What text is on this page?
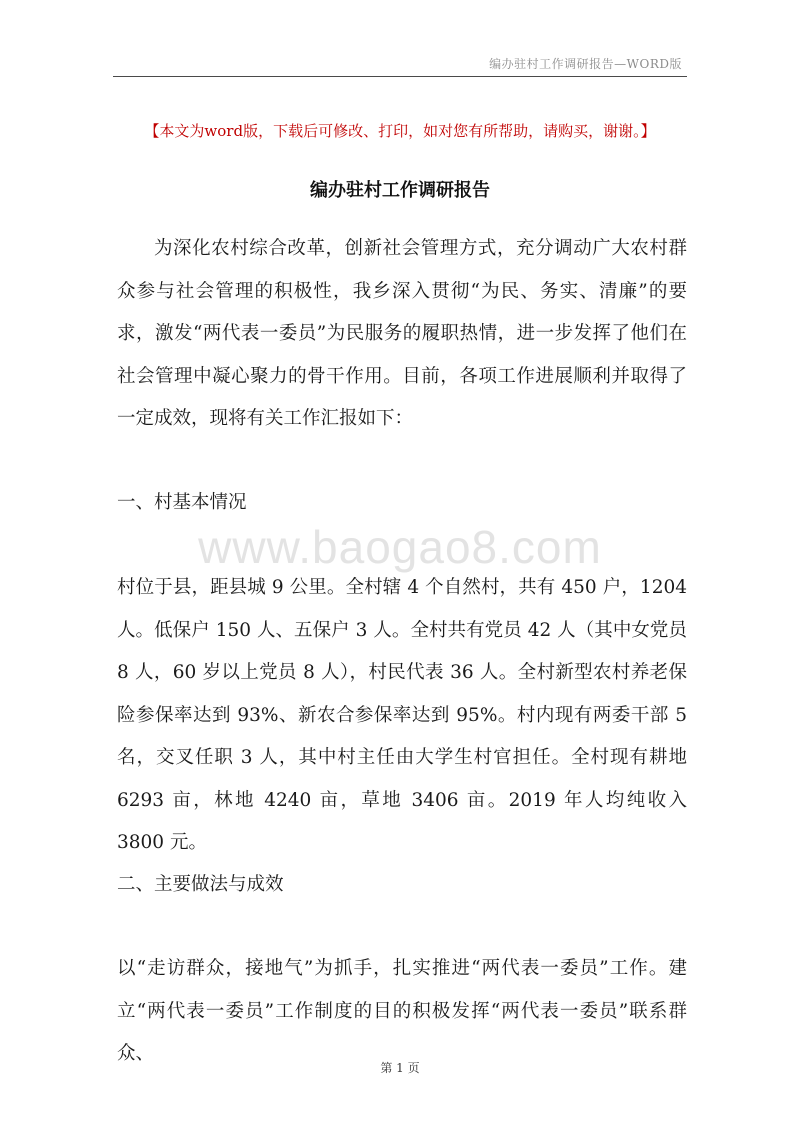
编办驻村工作调研报告—WORD版
【本文为word版，下载后可修改、打印，如对您有所帮助，请购买，谢谢。】
编办驻村工作调研报告

为深化农村综合改革，创新社会管理方式，充分调动广大农村群众参与社会管理的积极性，我乡深入贯彻“为民、务实、清廉”的要求，激发“两代表一委员”为民服务的履职热情，进一步发挥了他们在社会管理中凝心聚力的骨干作用。目前，各项工作进展顺利并取得了一定成效，现将有关工作汇报如下：

一、村基本情况

www.baogao8.com

村位于县，距县城 9 公里。全村辖 4 个自然村，共有 450 户，1204 人。低保户 150 人、五保户 3 人。全村共有党员 42 人（其中女党员 8 人，60 岁以上党员 8 人），村民代表 36 人。全村新型农村养老保险参保率达到 93%、新农合参保率达到 95%。村内现有两委干部 5 名，交叉任职 3 人，其中村主任由大学生村官担任。全村现有耕地 6293 亩，林地 4240 亩，草地 3406 亩。2019 年人均纯收入 3800 元。

二、主要做法与成效

以“走访群众，接地气”为抓手，扎实推进“两代表一委员”工作。建立“两代表一委员”工作制度的目的积极发挥“两代表一委员”联系群众、

第 1 页
